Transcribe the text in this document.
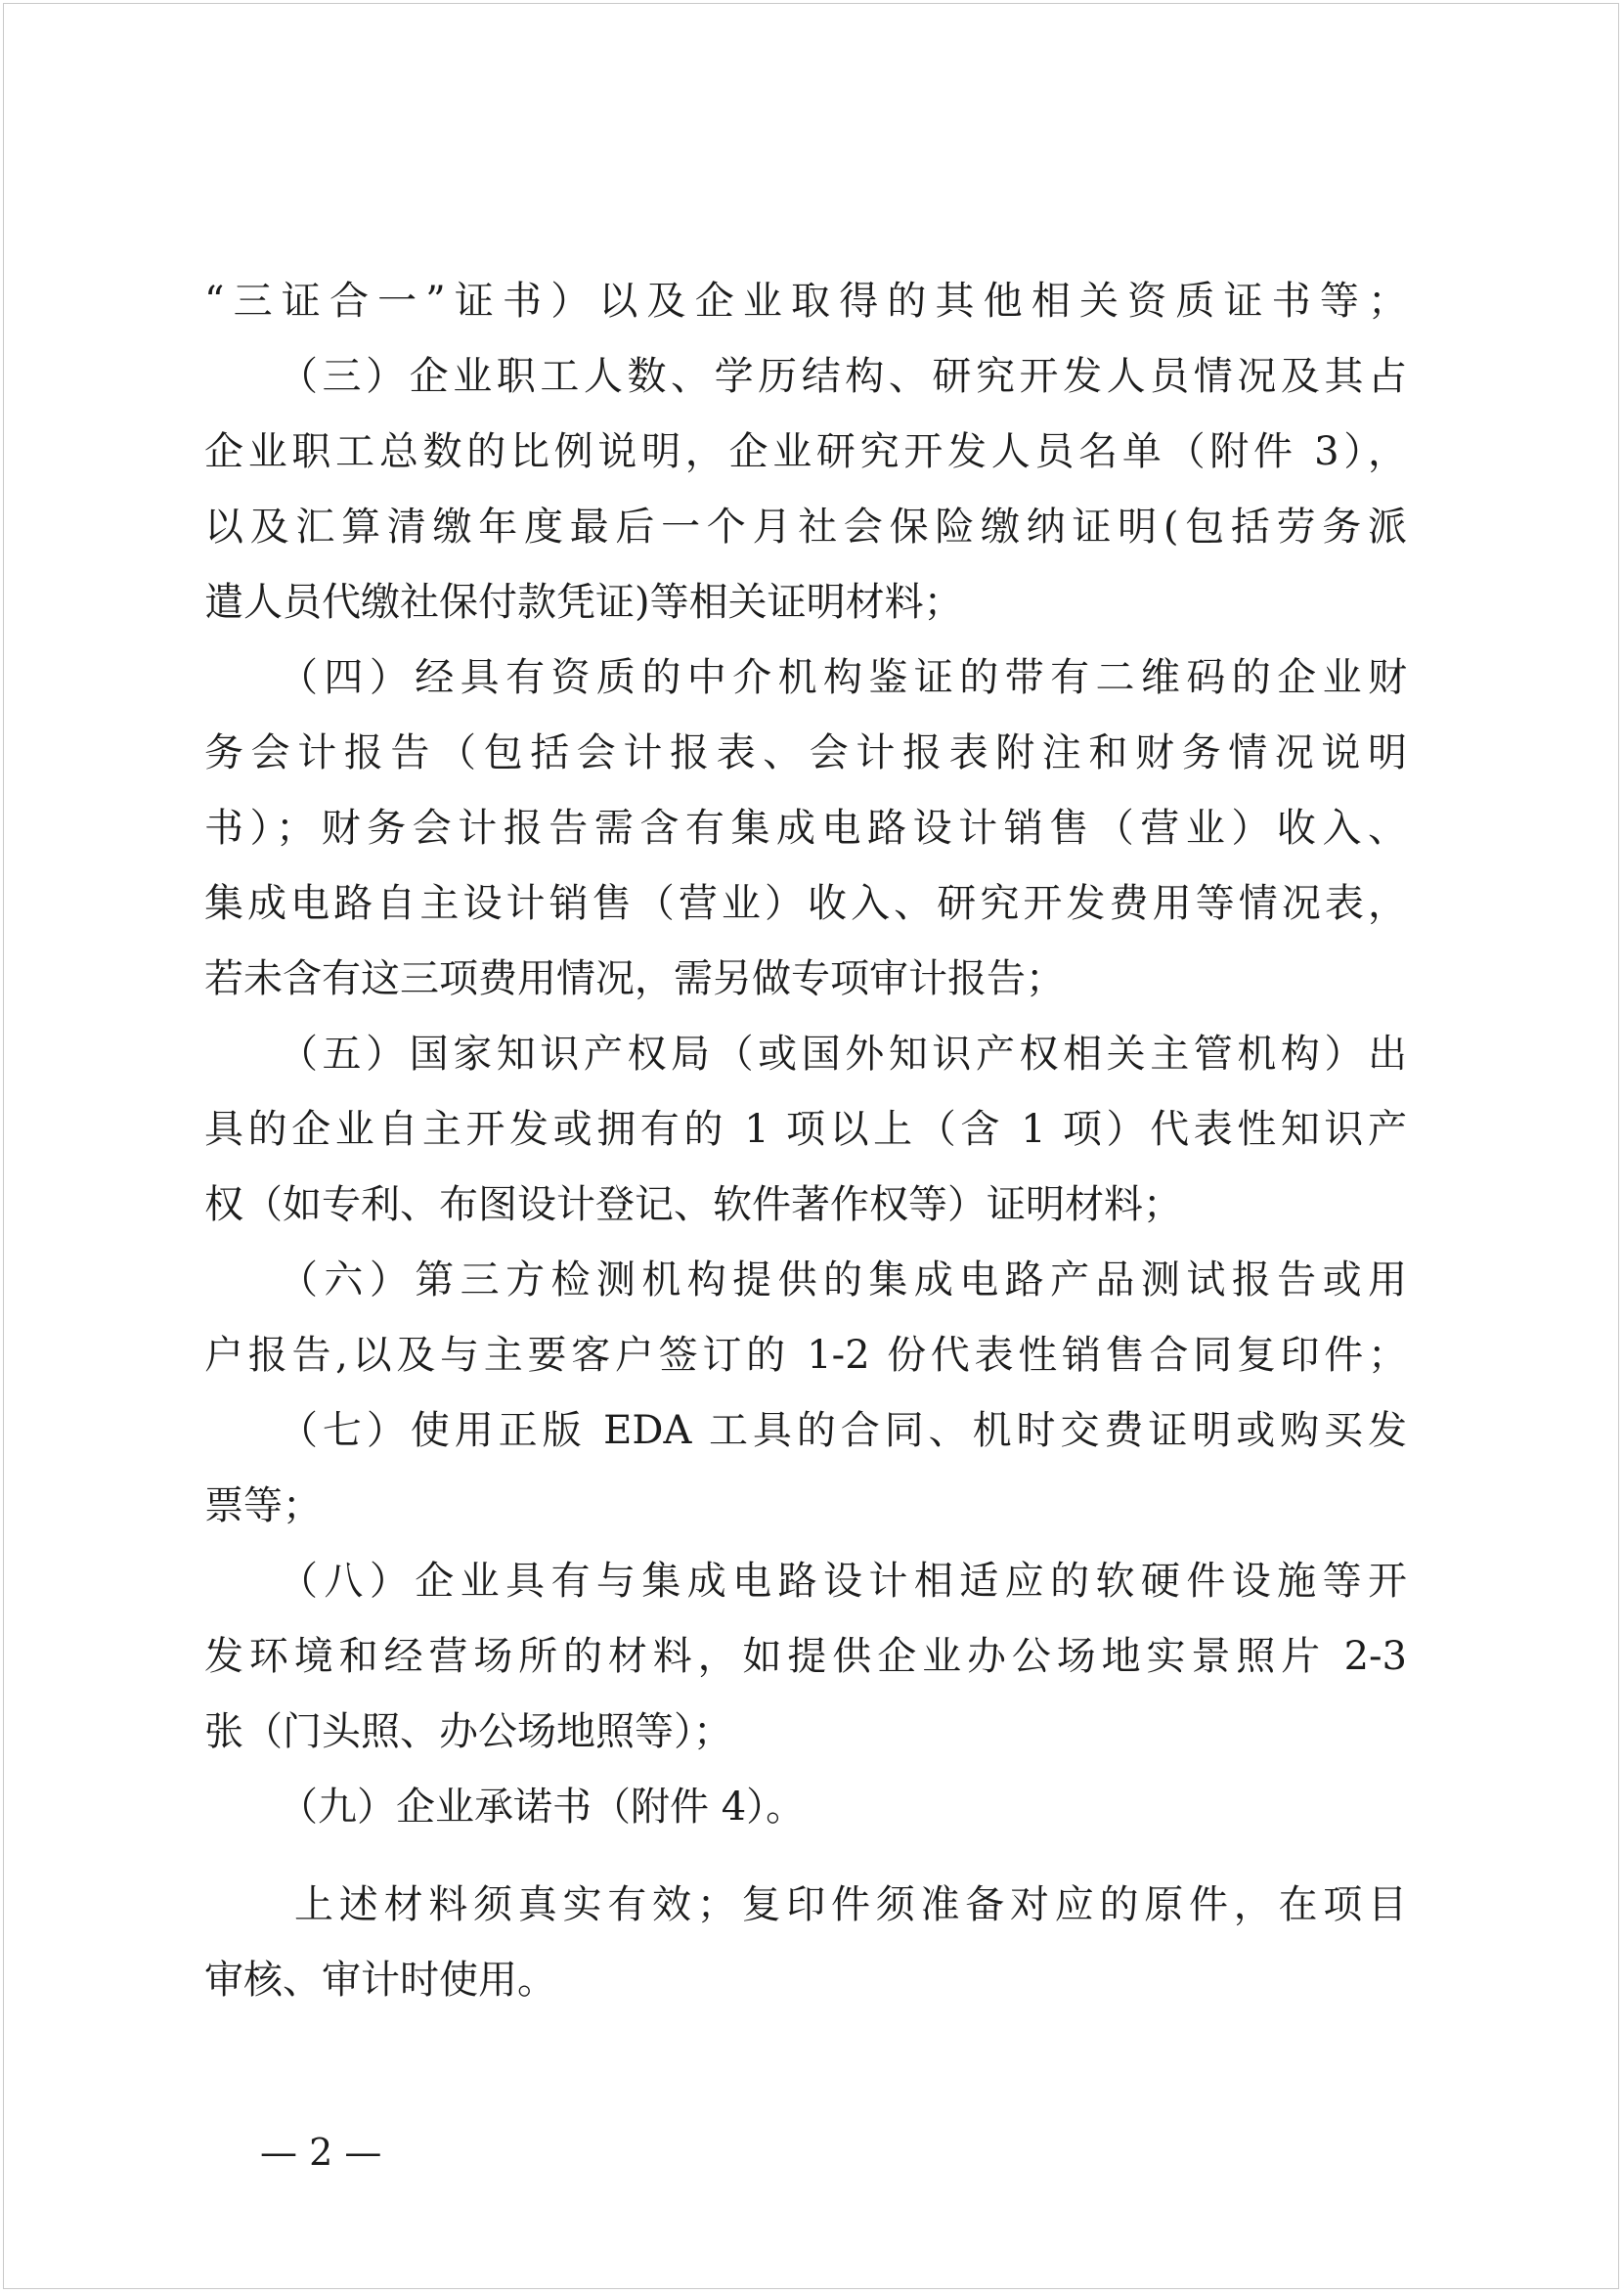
“三证合一”证书）以及企业取得的其他相关资质证书等；
（三）企业职工人数、学历结构、研究开发人员情况及其占
企业职工总数的比例说明，企业研究开发人员名单（附件 3），
以及汇算清缴年度最后一个月社会保险缴纳证明(包括劳务派
遣人员代缴社保付款凭证)等相关证明材料；
（四）经具有资质的中介机构鉴证的带有二维码的企业财
务会计报告（包括会计报表、会计报表附注和财务情况说明
书）；财务会计报告需含有集成电路设计销售（营业）收入、
集成电路自主设计销售（营业）收入、研究开发费用等情况表，
若未含有这三项费用情况，需另做专项审计报告；
（五）国家知识产权局（或国外知识产权相关主管机构）出
具的企业自主开发或拥有的 1 项以上（含 1 项）代表性知识产
权（如专利、布图设计登记、软件著作权等）证明材料；
（六）第三方检测机构提供的集成电路产品测试报告或用
户报告,以及与主要客户签订的 1-2 份代表性销售合同复印件；
（七）使用正版 EDA 工具的合同、机时交费证明或购买发
票等；
（八）企业具有与集成电路设计相适应的软硬件设施等开
发环境和经营场所的材料，如提供企业办公场地实景照片 2-3
张（门头照、办公场地照等）；
（九）企业承诺书（附件 4）。
上述材料须真实有效；复印件须准备对应的原件，在项目
审核、审计时使用。
— 2 —
